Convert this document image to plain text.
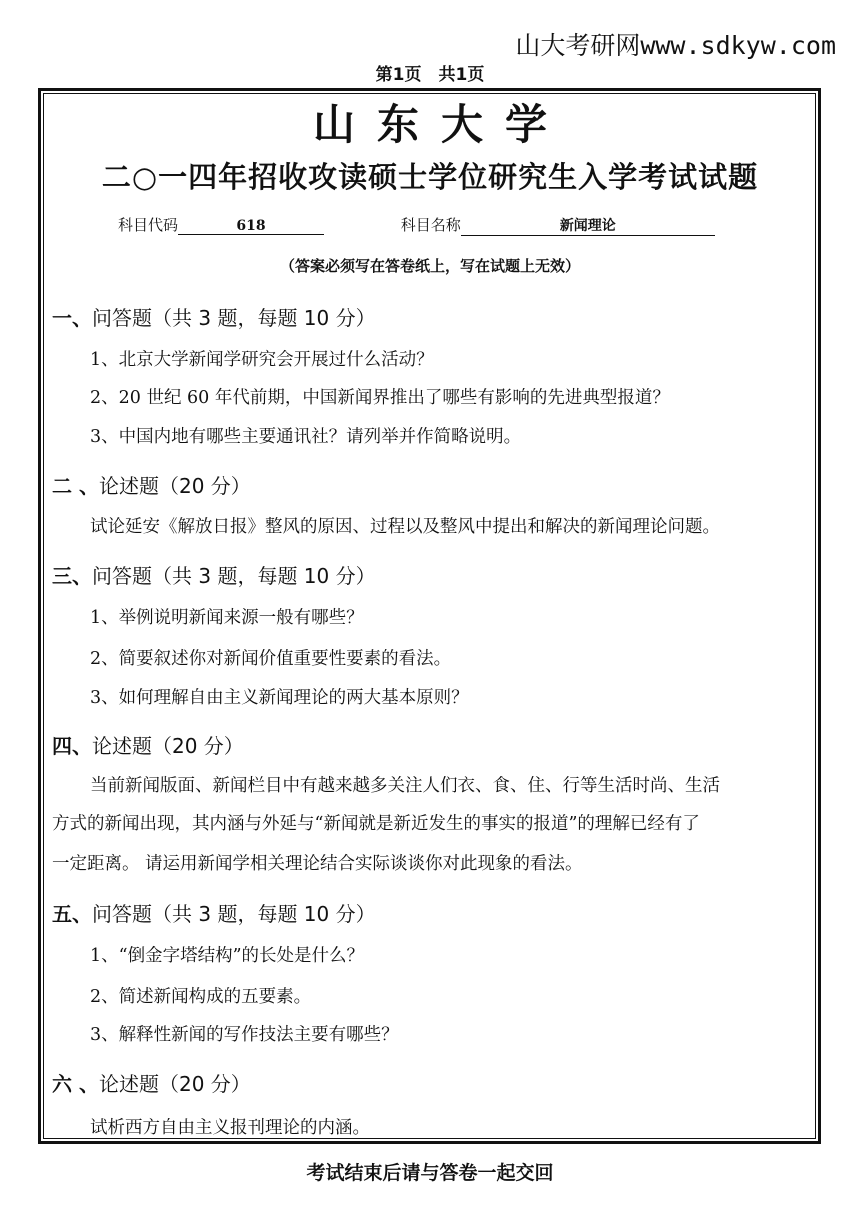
山大考研网www.sdkyw.com
第1页　共1页
山东大学
二○一四年招收攻读硕士学位研究生入学考试试题
科目代码	618	科目名称	新闻理论
（答案必须写在答卷纸上，写在试题上无效）
一、问答题（共 3 题，每题 10 分）
1、北京大学新闻学研究会开展过什么活动？
2、20 世纪 60 年代前期，中国新闻界推出了哪些有影响的先进典型报道？
3、中国内地有哪些主要通讯社？请列举并作简略说明。
二 、论述题（20 分）
试论延安《解放日报》整风的原因、过程以及整风中提出和解决的新闻理论问题。
三、问答题（共 3 题，每题 10 分）
1、举例说明新闻来源一般有哪些？
2、简要叙述你对新闻价值重要性要素的看法。
3、如何理解自由主义新闻理论的两大基本原则？
四、论述题（20 分）
当前新闻版面、新闻栏目中有越来越多关注人们衣、食、住、行等生活时尚、生活
方式的新闻出现，其内涵与外延与“新闻就是新近发生的事实的报道”的理解已经有了
一定距离。 请运用新闻学相关理论结合实际谈谈你对此现象的看法。
五、问答题（共 3 题，每题 10 分）
1、“倒金字塔结构”的长处是什么？
2、简述新闻构成的五要素。
3、解释性新闻的写作技法主要有哪些？
六 、论述题（20 分）
试析西方自由主义报刊理论的内涵。
考试结束后请与答卷一起交回
